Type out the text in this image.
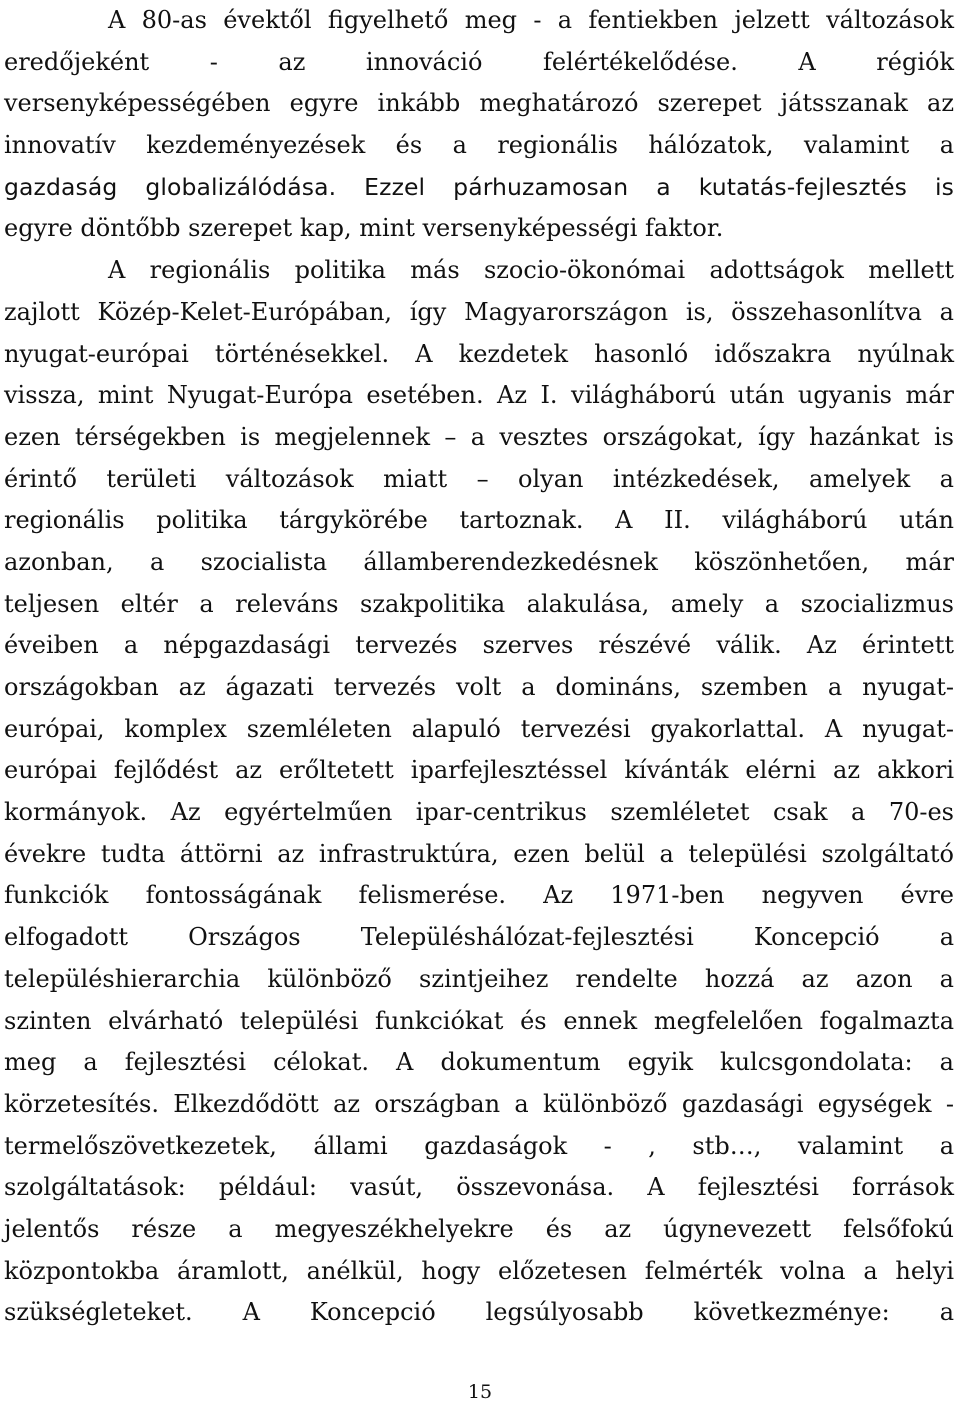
A 80-as évektől figyelhető meg - a fentiekben jelzett változások
eredőjeként - az innováció felértékelődése. A régiók
versenyképességében egyre inkább meghatározó szerepet játsszanak az
innovatív kezdeményezések és a regionális hálózatok, valamint a
gazdaság globalizálódása. Ezzel párhuzamosan a kutatás-fejlesztés is
egyre döntőbb szerepet kap, mint versenyképességi faktor.
A regionális politika más szocio-ökonómai adottságok mellett
zajlott Közép-Kelet-Európában, így Magyarországon is, összehasonlítva a
nyugat-európai történésekkel. A kezdetek hasonló időszakra nyúlnak
vissza, mint Nyugat-Európa esetében. Az I. világháború után ugyanis már
ezen térségekben is megjelennek – a vesztes országokat, így hazánkat is
érintő területi változások miatt – olyan intézkedések, amelyek a
regionális politika tárgykörébe tartoznak. A II. világháború után
azonban, a szocialista államberendezkedésnek köszönhetően, már
teljesen eltér a releváns szakpolitika alakulása, amely a szocializmus
éveiben a népgazdasági tervezés szerves részévé válik. Az érintett
országokban az ágazati tervezés volt a domináns, szemben a nyugat-
európai, komplex szemléleten alapuló tervezési gyakorlattal. A nyugat-
európai fejlődést az erőltetett iparfejlesztéssel kívánták elérni az akkori
kormányok. Az egyértelműen ipar-centrikus szemléletet csak a 70-es
évekre tudta áttörni az infrastruktúra, ezen belül a települési szolgáltató
funkciók fontosságának felismerése. Az 1971-ben negyven évre
elfogadott Országos Településhálózat-fejlesztési Koncepció a
településhierarchia különböző szintjeihez rendelte hozzá az azon a
szinten elvárható települési funkciókat és ennek megfelelően fogalmazta
meg a fejlesztési célokat. A dokumentum egyik kulcsgondolata: a
körzetesítés. Elkezdődött az országban a különböző gazdasági egységek -
termelőszövetkezetek, állami gazdaságok - , stb…, valamint a
szolgáltatások: például: vasút, összevonása. A fejlesztési források
jelentős része a megyeszékhelyekre és az úgynevezett felsőfokú
központokba áramlott, anélkül, hogy előzetesen felmérték volna a helyi
szükségleteket. A Koncepció legsúlyosabb következménye: a
15
